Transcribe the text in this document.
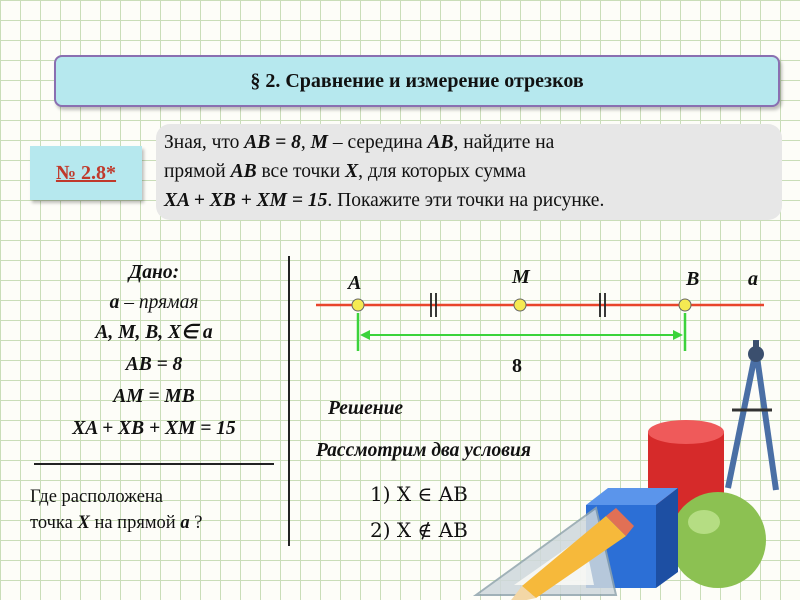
§ 2. Сравнение и измерение отрезков
№ 2.8*
Зная, что AB = 8, M – середина AB, найдите на
прямой AB все точки X, для которых сумма
XA + XB + XM = 15. Покажите эти точки на рисунке.
Дано:
a – прямая
A, M, B, X∈ a
AB = 8
AM = MB
XA + XB + XM = 15
Где расположена
точка X на прямой a ?
A	M	B a
8
Решение
Рассмотрим два условия
1) X ∈ AB
2) X ∉ AB
